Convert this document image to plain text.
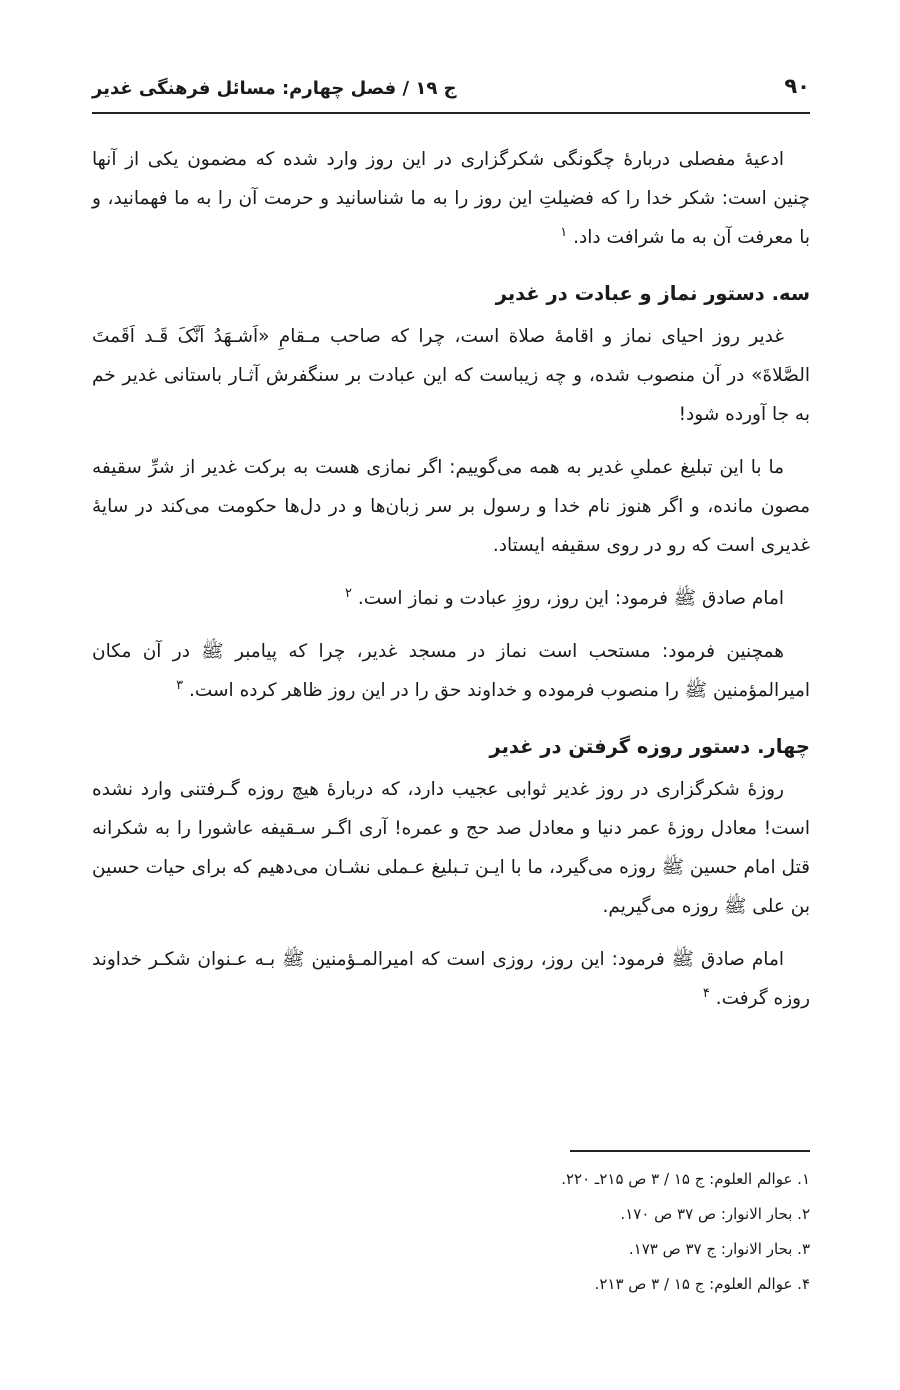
۹۰
ج ۱۹ / فصل چهارم: مسائل فرهنگی غدیر

ادعیهٔ مفصلی دربارهٔ چگونگی شکرگزاری در این روز وارد شده که مضمون یکی از آنها چنین است: شکر خدا را که فضیلتِ این روز را به ما شناسانید و حرمت آن را به ما فهمانید، و با معرفت آن به ما شرافت داد. $^۱$

سه. دستور نماز و عبادت در غدیر

غدیر روز احیای نماز و اقامهٔ صلاة است، چرا که صاحب مـقامِ «اَشـهَدُ اَنَّکَ قَـد اَقَمتَ الصَّلاةَ» در آن منصوب شده، و چه زیباست که این عبادت بر سنگفرش آثـار باستانی غدیر خم به جا آورده شود!

ما با این تبلیغ عملیِ غدیر به همه می‌گوییم: اگر نمازی هست به برکت غدیر از شرِّ سقیفه مصون مانده، و اگر هنوز نام خدا و رسول بر سر زبان‌ها و در دل‌ها حکومت می‌کند در سایهٔ غدیری است که رو در روی سقیفه ایستاد.

امام صادق ﷺ فرمود: این روز، روزِ عبادت و نماز است. $^۲$

همچنین فرمود: مستحب است نماز در مسجد غدیر، چرا که پیامبر ﷺ در آن مکان امیرالمؤمنین ﷺ را منصوب فرموده و خداوند حق را در این روز ظاهر کرده است. $^۳$

چهار. دستور روزه گرفتن در غدیر

روزهٔ شکرگزاری در روز غدیر ثوابی عجیب دارد، که دربارهٔ هیچ روزه گـرفتنی وارد نشده است! معادل روزهٔ عمر دنیا و معادل صد حج و عمره! آری اگـر سـقیفه عاشورا را به شکرانه قتل امام حسین ﷺ روزه می‌گیرد، ما با ایـن تـبلیغ عـملی نشـان می‌دهیم که برای حیات حسین بن علی ﷺ روزه می‌گیریم.

امام صادق ﷺ فرمود: این روز، روزی است که امیرالمـؤمنین ﷺ بـه عـنوان شکـر خداوند روزه گرفت. $^۴$

۱. عوالم العلوم: ج ۱۵ / ۳ ص ۲۱۵ـ ۲۲۰.
۲. بحار الانوار: ص ۳۷ ص ۱۷۰.
۳. بحار الانوار: ج ۳۷ ص ۱۷۳.
۴. عوالم العلوم: ج ۱۵ / ۳ ص ۲۱۳.
